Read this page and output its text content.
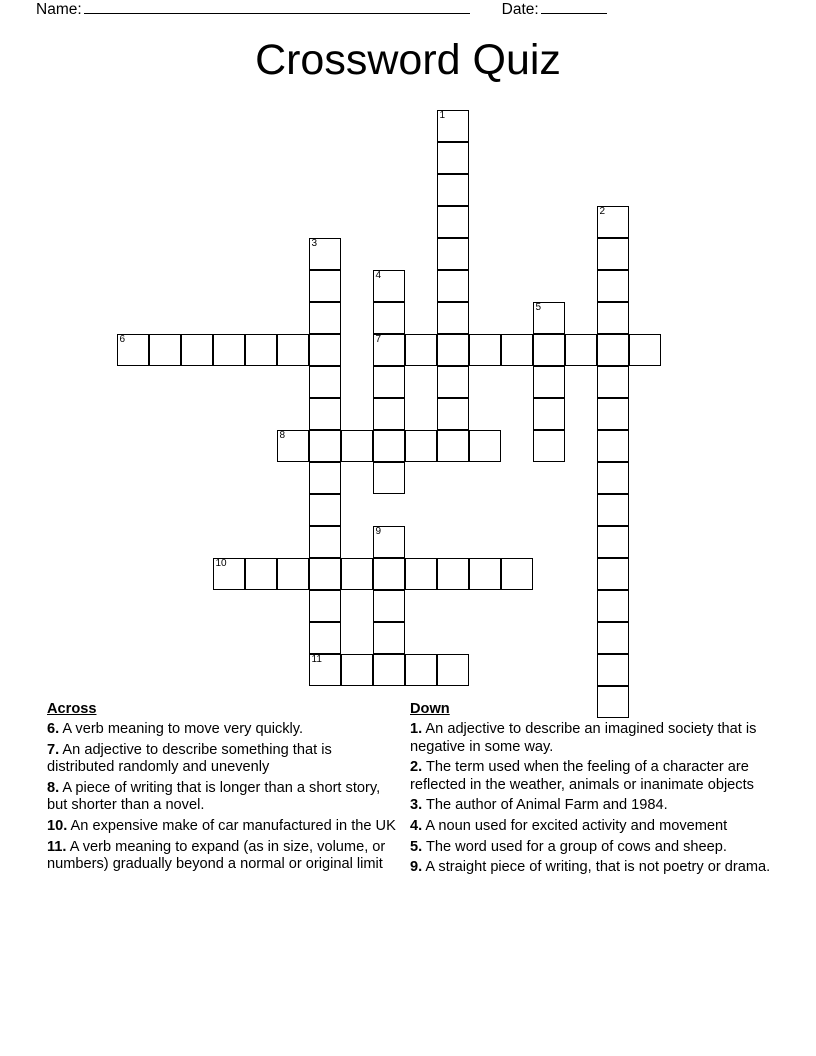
Name:	Date:
Crossword Quiz
1
2
3
11
4
7
5
6
8
9
10
Across

6. A verb meaning to move very quickly.

7. An adjective to describe something that is distributed randomly and unevenly

8. A piece of writing that is longer than a short story, but shorter than a novel.

10. An expensive make of car manufactured in the UK

11. A verb meaning to expand (as in size, volume, or numbers) gradually beyond a normal or original limit

Down

1. An adjective to describe an imagined society that is negative in some way.

2. The term used when the feeling of a character are reflected in the weather, animals or inanimate objects

3. The author of Animal Farm and 1984.

4. A noun used for excited activity and movement

5. The word used for a group of cows and sheep.

9. A straight piece of writing, that is not poetry or drama.
